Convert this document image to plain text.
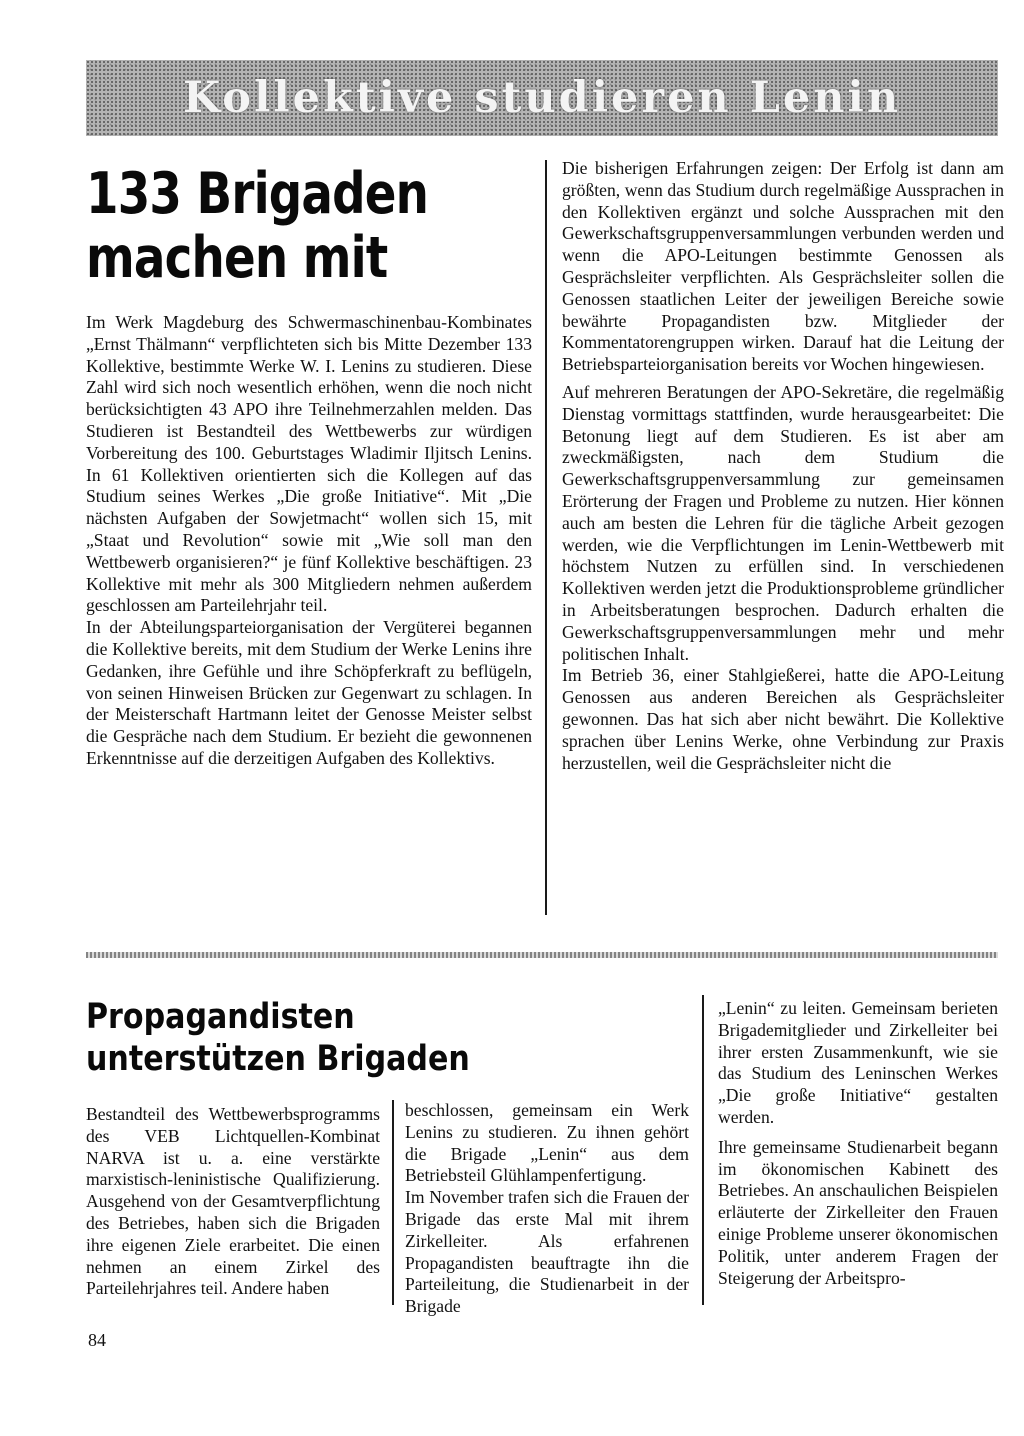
Kollektive studieren Lenin
133 Brigaden machen mit

Im Werk Magdeburg des Schwermaschinenbau-Kombinates „Ernst Thälmann“ verpflichteten sich bis Mitte Dezember 133 Kollektive, bestimmte Werke W. I. Lenins zu studieren. Diese Zahl wird sich noch wesentlich erhöhen, wenn die noch nicht berücksichtigten 43 APO ihre Teilnehmerzahlen melden. Das Studieren ist Bestandteil des Wettbewerbs zur würdigen Vorbereitung des 100. Geburtstages Wladimir Iljitsch Lenins. In 61 Kollektiven orientierten sich die Kollegen auf das Studium seines Werkes „Die große Initiative“. Mit „Die nächsten Aufgaben der Sowjetmacht“ wollen sich 15, mit „Staat und Revolution“ sowie mit „Wie soll man den Wettbewerb organisieren?“ je fünf Kollektive beschäftigen. 23 Kollektive mit mehr als 300 Mitgliedern nehmen außerdem geschlossen am Parteilehrjahr teil.

In der Abteilungsparteiorganisation der Vergüterei begannen die Kollektive bereits, mit dem Studium der Werke Lenins ihre Gedanken, ihre Gefühle und ihre Schöpferkraft zu beflügeln, von seinen Hinweisen Brücken zur Gegenwart zu schlagen. In der Meisterschaft Hartmann leitet der Genosse Meister selbst die Gespräche nach dem Studium. Er bezieht die gewonnenen Erkenntnisse auf die derzeitigen Aufgaben des Kollektivs.

Die bisherigen Erfahrungen zeigen: Der Erfolg ist dann am größten, wenn das Studium durch regelmäßige Aussprachen in den Kollektiven ergänzt und solche Aussprachen mit den Gewerkschaftsgruppenversammlungen verbunden werden und wenn die APO-Leitungen bestimmte Genossen als Gesprächsleiter verpflichten. Als Gesprächsleiter sollen die Genossen staatlichen Leiter der jeweiligen Bereiche sowie bewährte Propagandisten bzw. Mitglieder der Kommentatorengruppen wirken. Darauf hat die Leitung der Betriebsparteiorganisation bereits vor Wochen hingewiesen.

Auf mehreren Beratungen der APO-Sekretäre, die regelmäßig Dienstag vormittags stattfinden, wurde herausgearbeitet: Die Betonung liegt auf dem Studieren. Es ist aber am zweckmäßigsten, nach dem Studium die Gewerkschaftsgruppenversammlung zur gemeinsamen Erörterung der Fragen und Probleme zu nutzen. Hier können auch am besten die Lehren für die tägliche Arbeit gezogen werden, wie die Verpflichtungen im Lenin-Wettbewerb mit höchstem Nutzen zu erfüllen sind. In verschiedenen Kollektiven werden jetzt die Produktionsprobleme gründlicher in Arbeitsberatungen besprochen. Dadurch erhalten die Gewerkschaftsgruppenversammlungen mehr und mehr politischen Inhalt.

Im Betrieb 36, einer Stahlgießerei, hatte die APO-Leitung Genossen aus anderen Bereichen als Gesprächsleiter gewonnen. Das hat sich aber nicht bewährt. Die Kollektive sprachen über Lenins Werke, ohne Verbindung zur Praxis herzustellen, weil die Gesprächsleiter nicht die

Propagandisten unterstützen Brigaden

Bestandteil des Wettbewerbsprogramms des VEB Lichtquellen-Kombinat NARVA ist u. a. eine verstärkte marxistisch-leninistische Qualifizierung. Ausgehend von der Gesamtverpflichtung des Betriebes, haben sich die Brigaden ihre eigenen Ziele erarbeitet. Die einen nehmen an einem Zirkel des Parteilehrjahres teil. Andere haben

beschlossen, gemeinsam ein Werk Lenins zu studieren. Zu ihnen gehört die Brigade „Lenin“ aus dem Betriebsteil Glühlampenfertigung.

Im November trafen sich die Frauen der Brigade das erste Mal mit ihrem Zirkelleiter. Als erfahrenen Propagandisten beauftragte ihn die Parteileitung, die Studienarbeit in der Brigade

„Lenin“ zu leiten. Gemeinsam berieten Brigademitglieder und Zirkelleiter bei ihrer ersten Zusammenkunft, wie sie das Studium des Leninschen Werkes „Die große Initiative“ gestalten werden.

Ihre gemeinsame Studienarbeit begann im ökonomischen Kabinett des Betriebes. An anschaulichen Beispielen erläuterte der Zirkelleiter den Frauen einige Probleme unserer ökonomischen Politik, unter anderem Fragen der Steigerung der Arbeitspro-

84
